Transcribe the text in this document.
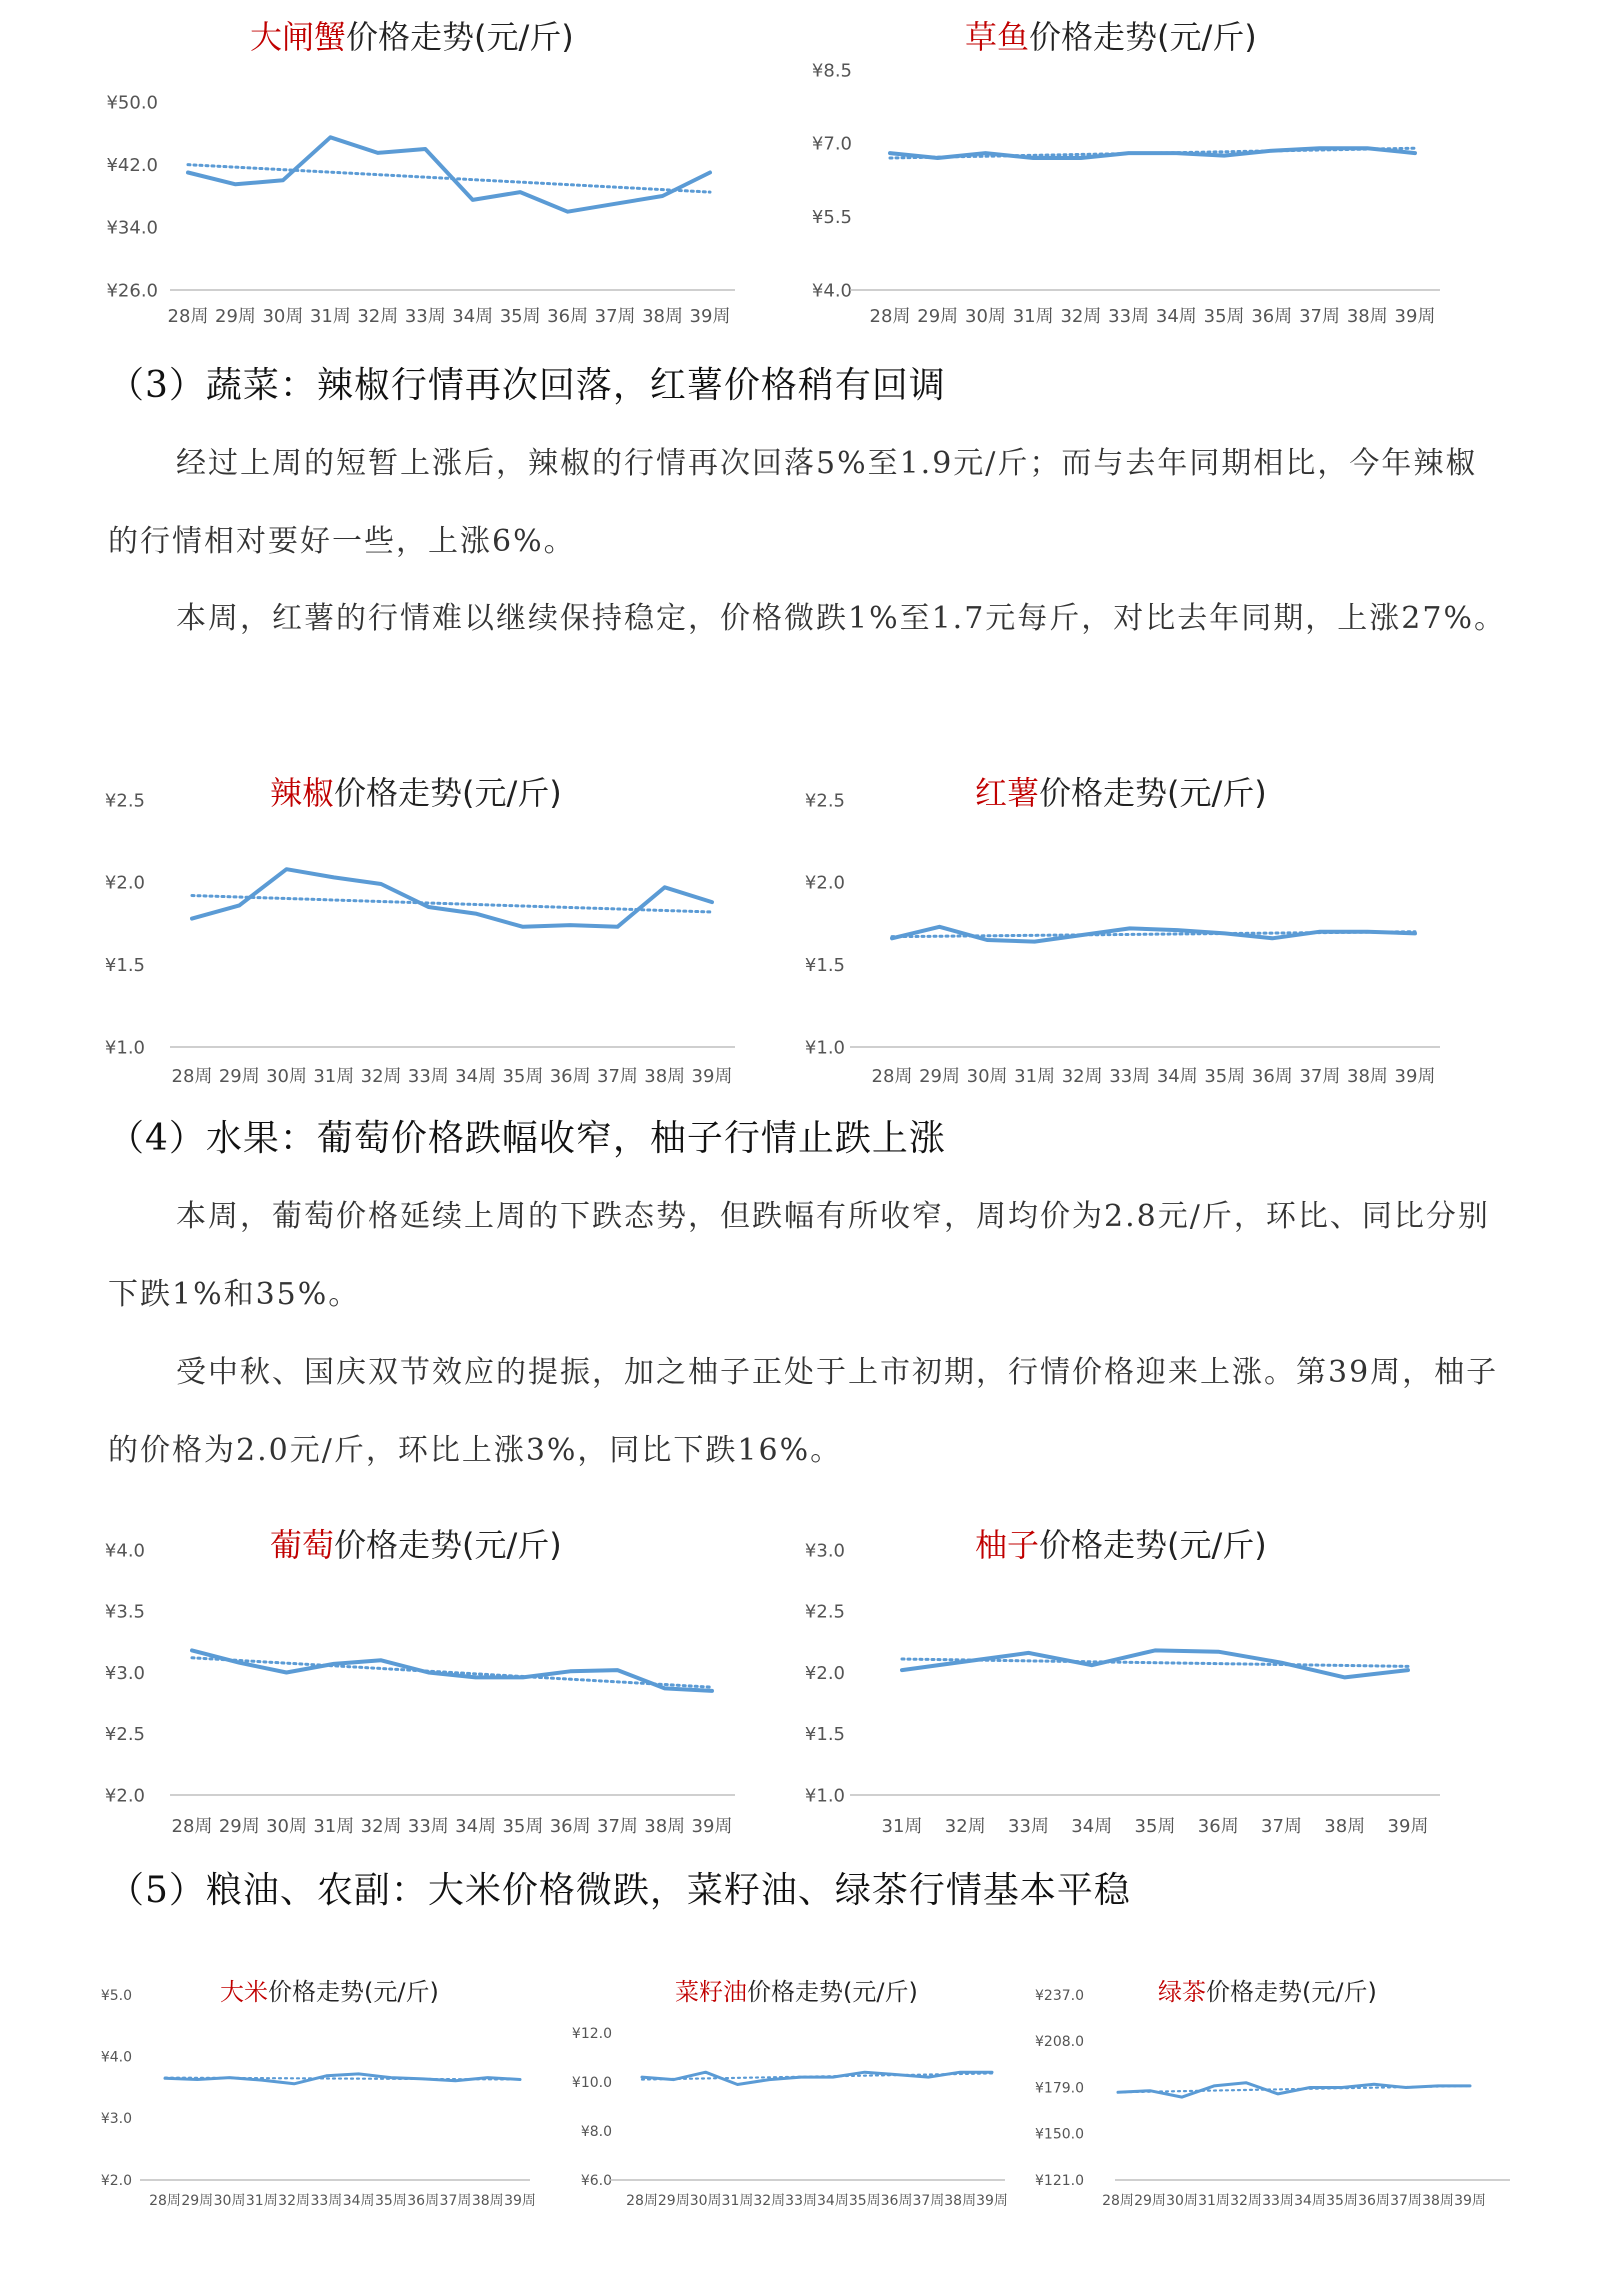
大闸蟹价格走势(元/斤)
¥50.0
¥42.0
¥34.0
¥26.0
28周 29周 30周 31周 32周 33周 34周 35周 36周 37周 38周 39周
草鱼价格走势(元/斤)
¥8.5
¥7.0
¥5.5
¥4.0
28周 29周 30周 31周 32周 33周 34周 35周 36周 37周 38周 39周
（3）蔬菜：辣椒行情再次回落，红薯价格稍有回调
经过上周的短暂上涨后，辣椒的行情再次回落5%至1.9元/斤；而与去年同期相比，今年辣椒的行情相对要好一些，上涨6%。
本周，红薯的行情难以继续保持稳定，价格微跌1%至1.7元每斤，对比去年同期，上涨27%。
辣椒价格走势(元/斤)
¥2.5
¥2.0
¥1.5
¥1.0
28周 29周 30周 31周 32周 33周 34周 35周 36周 37周 38周 39周
红薯价格走势(元/斤)
¥2.5
¥2.0
¥1.5
¥1.0
28周 29周 30周 31周 32周 33周 34周 35周 36周 37周 38周 39周
（4）水果：葡萄价格跌幅收窄，柚子行情止跌上涨
本周，葡萄价格延续上周的下跌态势，但跌幅有所收窄，周均价为2.8元/斤，环比、同比分别下跌1%和35%。
受中秋、国庆双节效应的提振，加之柚子正处于上市初期，行情价格迎来上涨。第39周，柚子的价格为2.0元/斤，环比上涨3%，同比下跌16%。
葡萄价格走势(元/斤)
¥4.0
¥3.5
¥3.0
¥2.5
¥2.0
28周 29周 30周 31周 32周 33周 34周 35周 36周 37周 38周 39周
柚子价格走势(元/斤)
¥3.0
¥2.5
¥2.0
¥1.5
¥1.0
31周 32周 33周 34周 35周 36周 37周 38周 39周
（5）粮油、农副：大米价格微跌，菜籽油、绿茶行情基本平稳
大米价格走势(元/斤)
¥5.0
¥4.0
¥3.0
¥2.0
28周 29周 30周 31周 32周 33周 34周 35周 36周 37周 38周 39周
菜籽油价格走势(元/斤)
¥12.0
¥10.0
¥8.0
¥6.0
28周 29周 30周 31周 32周 33周 34周 35周 36周 37周 38周 39周
绿茶价格走势(元/斤)
¥237.0
¥208.0
¥179.0
¥150.0
¥121.0
28周 29周 30周 31周 32周 33周 34周 35周 36周 37周 38周 39周
